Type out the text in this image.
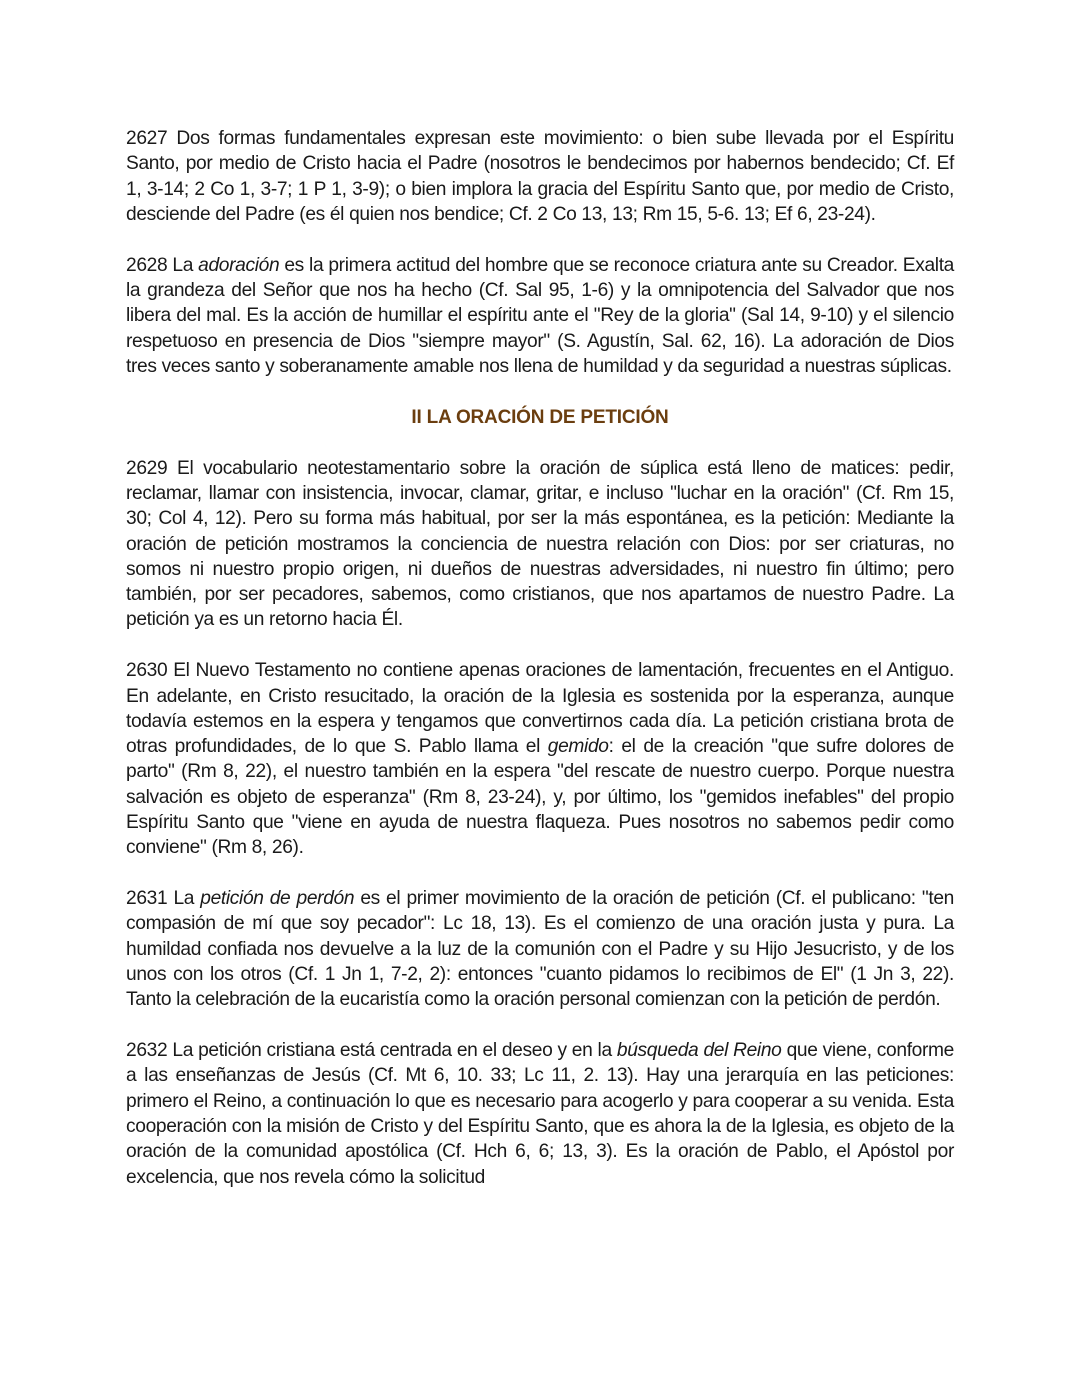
2627 Dos formas fundamentales expresan este movimiento: o bien sube llevada por el Espíritu Santo, por medio de Cristo hacia el Padre (nosotros le bendecimos por habernos bendecido; Cf. Ef 1, 3-14; 2 Co 1, 3-7; 1 P 1, 3-9); o bien implora la gracia del Espíritu Santo que, por medio de Cristo, desciende del Padre (es él quien nos bendice; Cf. 2 Co 13, 13; Rm 15, 5-6. 13; Ef 6, 23-24).

2628 La adoración es la primera actitud del hombre que se reconoce criatura ante su Creador. Exalta la grandeza del Señor que nos ha hecho (Cf. Sal 95, 1-6) y la omnipotencia del Salvador que nos libera del mal. Es la acción de humillar el espíritu ante el "Rey de la gloria" (Sal 14, 9-10) y el silencio respetuoso en presencia de Dios "siempre mayor" (S. Agustín, Sal. 62, 16). La adoración de Dios tres veces santo y soberanamente amable nos llena de humildad y da seguridad a nuestras súplicas.

II LA ORACIÓN DE PETICIÓN

2629 El vocabulario neotestamentario sobre la oración de súplica está lleno de matices: pedir, reclamar, llamar con insistencia, invocar, clamar, gritar, e incluso "luchar en la oración" (Cf. Rm 15, 30; Col 4, 12). Pero su forma más habitual, por ser la más espontánea, es la petición: Mediante la oración de petición mostramos la conciencia de nuestra relación con Dios: por ser criaturas, no somos ni nuestro propio origen, ni dueños de nuestras adversidades, ni nuestro fin último; pero también, por ser pecadores, sabemos, como cristianos, que nos apartamos de nuestro Padre. La petición ya es un retorno hacia Él.

2630 El Nuevo Testamento no contiene apenas oraciones de lamentación, frecuentes en el Antiguo. En adelante, en Cristo resucitado, la oración de la Iglesia es sostenida por la esperanza, aunque todavía estemos en la espera y tengamos que convertirnos cada día. La petición cristiana brota de otras profundidades, de lo que S. Pablo llama el gemido: el de la creación "que sufre dolores de parto" (Rm 8, 22), el nuestro también en la espera "del rescate de nuestro cuerpo. Porque nuestra salvación es objeto de esperanza" (Rm 8, 23-24), y, por último, los "gemidos inefables" del propio Espíritu Santo que "viene en ayuda de nuestra flaqueza. Pues nosotros no sabemos pedir como conviene" (Rm 8, 26).

2631 La petición de perdón es el primer movimiento de la oración de petición (Cf. el publicano: "ten compasión de mí que soy pecador": Lc 18, 13). Es el comienzo de una oración justa y pura. La humildad confiada nos devuelve a la luz de la comunión con el Padre y su Hijo Jesucristo, y de los unos con los otros (Cf. 1 Jn 1, 7-2, 2): entonces "cuanto pidamos lo recibimos de El" (1 Jn 3, 22). Tanto la celebración de la eucaristía como la oración personal comienzan con la petición de perdón.

2632 La petición cristiana está centrada en el deseo y en la búsqueda del Reino que viene, conforme a las enseñanzas de Jesús (Cf. Mt 6, 10. 33; Lc 11, 2. 13). Hay una jerarquía en las peticiones: primero el Reino, a continuación lo que es necesario para acogerlo y para cooperar a su venida. Esta cooperación con la misión de Cristo y del Espíritu Santo, que es ahora la de la Iglesia, es objeto de la oración de la comunidad apostólica (Cf. Hch 6, 6; 13, 3). Es la oración de Pablo, el Apóstol por excelencia, que nos revela cómo la solicitud
